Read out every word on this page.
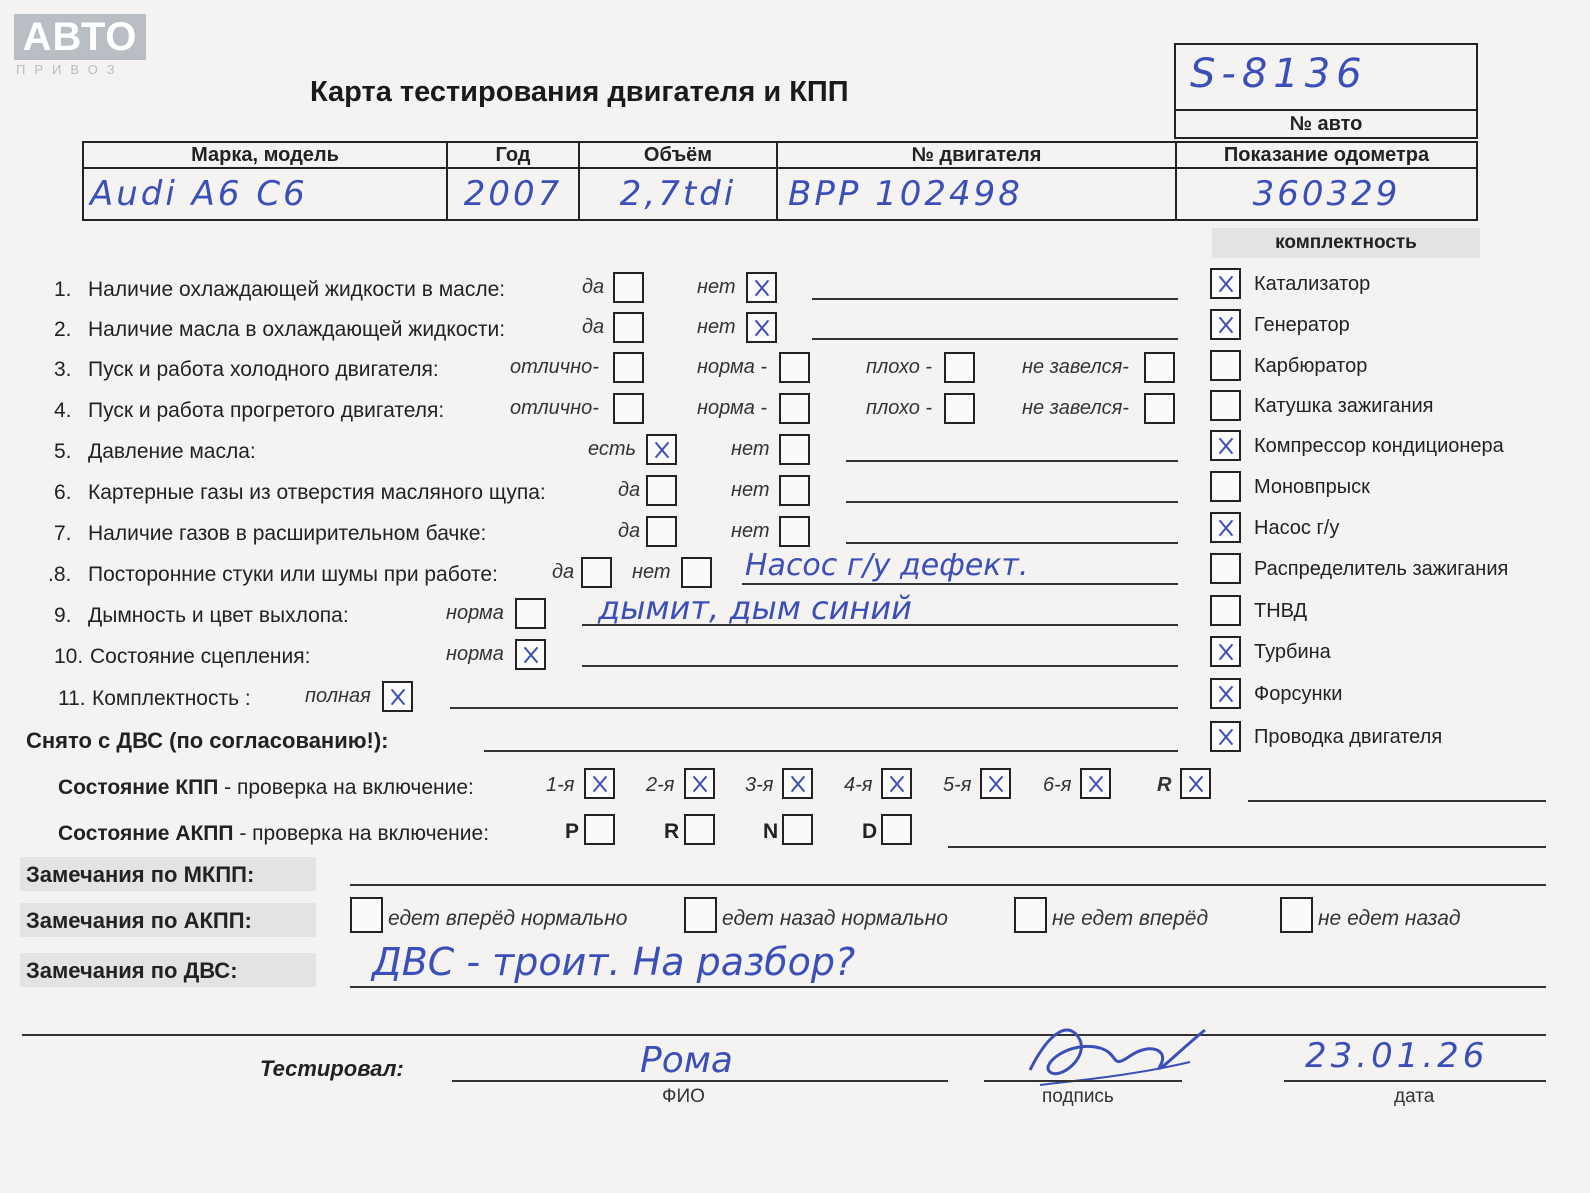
АВТО
ПРИВОЗ
Карта тестирования двигателя и КПП	S-8136
№ авто
Марка, модель	Год	Объём	№ двигателя	Показание одометра
Audi A6 C6	2007	2,7tdi	BPP 102498	360329
комплектность
1. Наличие охлаждающей жидкости в масле:	да	нет
2. Наличие масла в охлаждающей жидкости:	да	нет
3. Пуск и работа холодного двигателя:	отлично-	норма -	плохо -	не завелся-
4. Пуск и работа прогретого двигателя:	отлично-	норма -	плохо -	не завелся-
5. Давление масла:	есть	нет
6. Картерные газы из отверстия масляного щупа:	да	нет
7. Наличие газов в расширительном бачке:	да	нет
.8. Посторонние стуки или шумы при работе:	да	нет Насос г/у дефект.
9. Дымность и цвет выхлопа:	норма	дымит, дым синий
10. Состояние сцепления:	норма
11. Комплектность :	полная
Снято с ДВС (по согласованию!):
Состояние КПП - проверка на включение:	1-я	2-я	3-я	4-я	5-я	6-я	R
Состояние АКПП - проверка на включение:	P	R	N	D
Замечания по МКПП:
Замечания по АКПП:	едет вперёд нормально	едет назад нормально	не едет вперёд	не едет назад
Замечания по ДВС:	ДВС - троит. На разбор?
Тестировал:	Рома
ФИО	подпись
23.01.26
дата
Катализатор
Генератор
Карбюратор
Катушка зажигания
Компрессор кондиционера
Моновпрыск
Насос г/у
Распределитель зажигания
ТНВД
Турбина
Форсунки
Проводка двигателя
